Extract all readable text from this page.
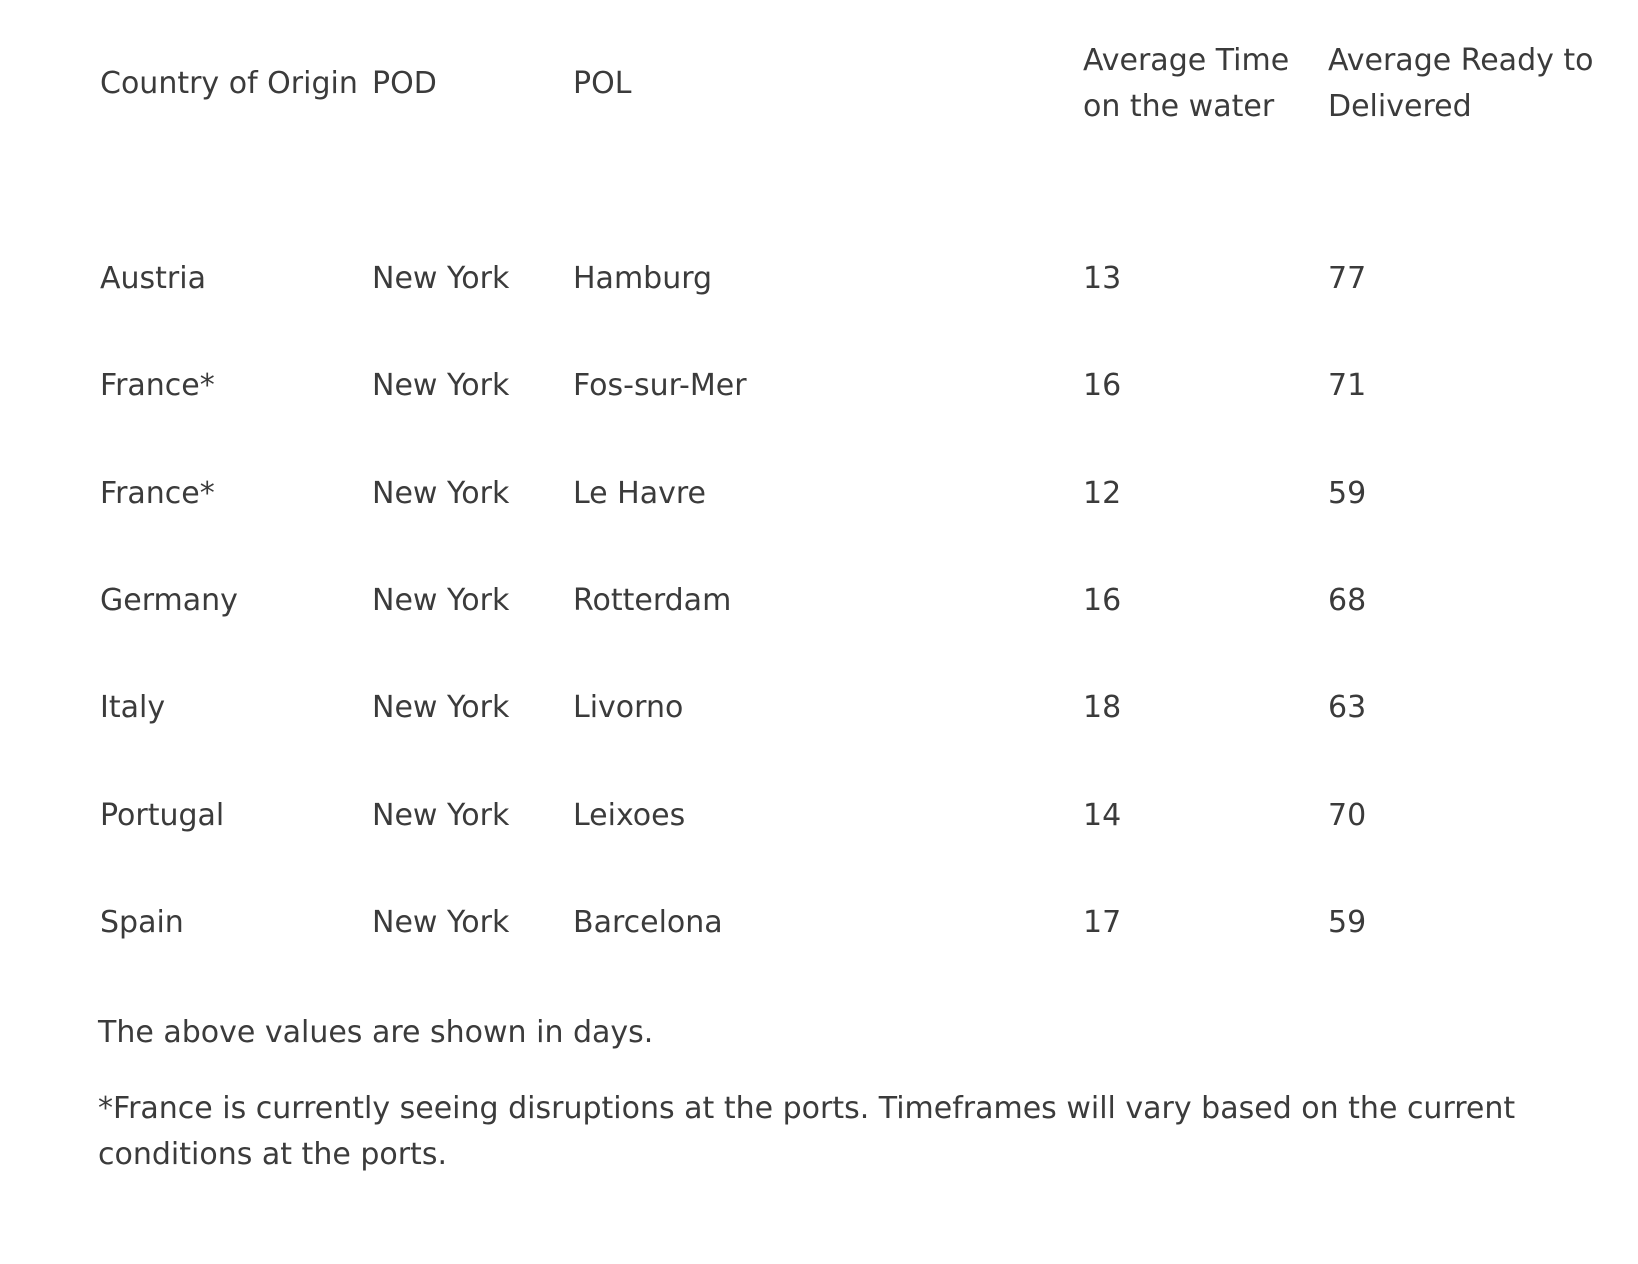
Country of Origin	POD	POL	Average Time on the water	Average Ready to Delivered

Austria	New York	Hamburg	13	77
France*	New York	Fos-sur-Mer	16	71
France*	New York	Le Havre	12	59
Germany	New York	Rotterdam	16	68
Italy	New York	Livorno	18	63
Portugal	New York	Leixoes	14	70
Spain	New York	Barcelona	17	59

The above values are shown in days.

*France is currently seeing disruptions at the ports. Timeframes will vary based on the current conditions at the ports.
